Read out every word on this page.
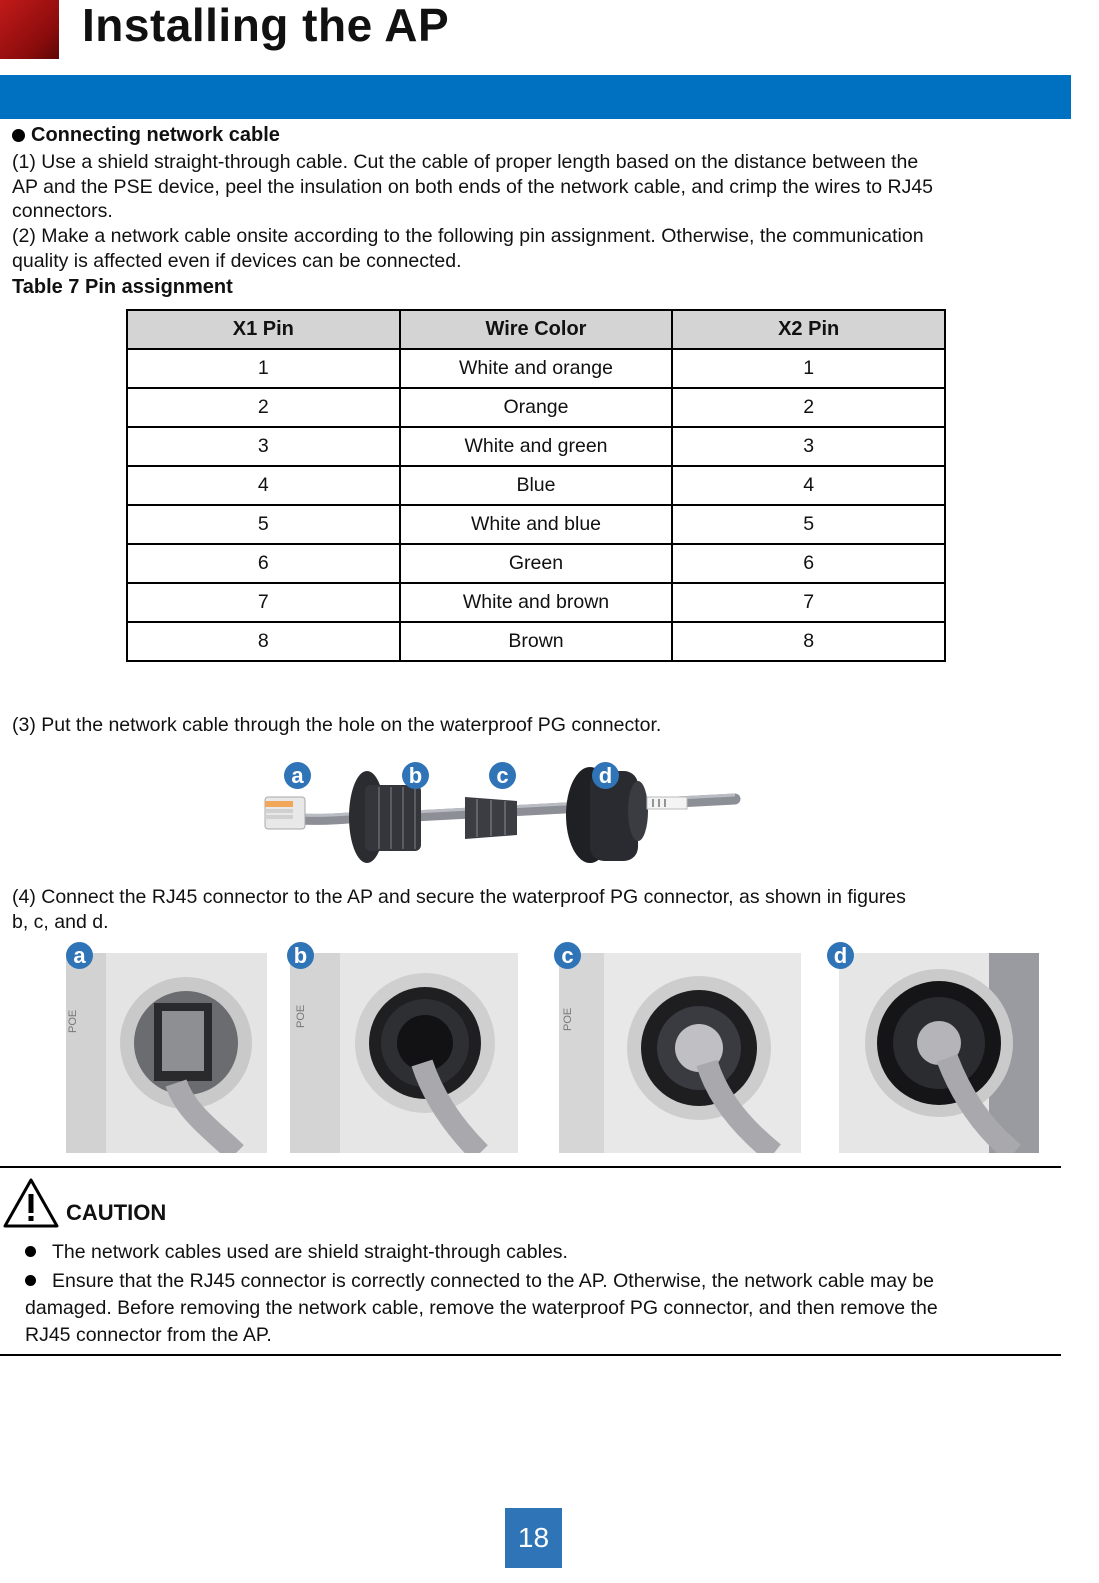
Installing the AP
Connecting network cable
(1) Use a shield straight-through cable. Cut the cable of proper length based on the distance between the
AP and the PSE device, peel the insulation on both ends of the network cable, and crimp the wires to RJ45
connectors.
(2) Make a network cable onsite according to the following pin assignment. Otherwise, the communication
quality is affected even if devices can be connected.
Table 7 Pin assignment
X1 Pin	Wire Color	X2 Pin
1	White and orange	1
2	Orange	2
3	White and green	3
4	Blue	4
5	White and blue	5
6	Green	6
7	White and brown	7
8	Brown	8
(3) Put the network cable through the hole on the waterproof PG connector.
a	b	c	d
(4) Connect the RJ45 connector to the AP and secure the waterproof PG connector, as shown in figures
b, c, and d.
POE	POE	POE
a	b	c	d
CAUTION
The network cables used are shield straight-through cables.
Ensure that the RJ45 connector is correctly connected to the AP. Otherwise, the network cable may be
damaged. Before removing the network cable, remove the waterproof PG connector, and then remove the
RJ45 connector from the AP.
18
